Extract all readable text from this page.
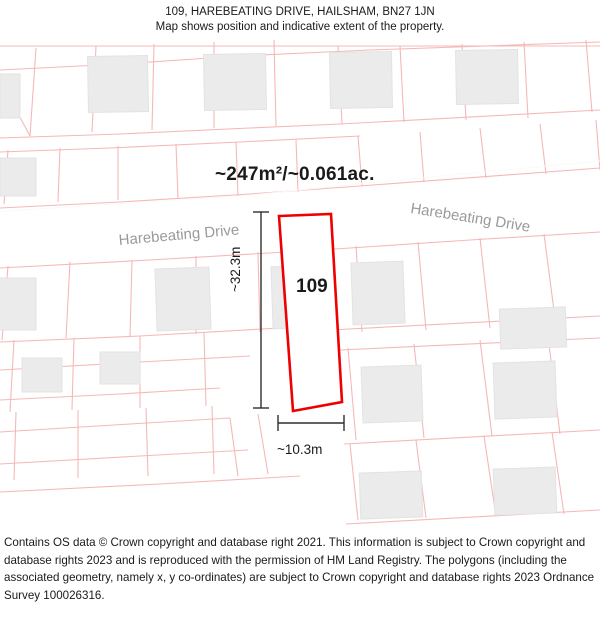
109, HAREBEATING DRIVE, HAILSHAM, BN27 1JN
Map shows position and indicative extent of the property.
~247m²/~0.061ac.
109
~32.3m
~10.3m
Harebeating Drive	Harebeating Drive
Contains OS data © Crown copyright and database right 2021. This information is subject to Crown copyright and database rights 2023 and is reproduced with the permission of HM Land Registry. The polygons (including the associated geometry, namely x, y co-ordinates) are subject to Crown copyright and database rights 2023 Ordnance Survey 100026316.
